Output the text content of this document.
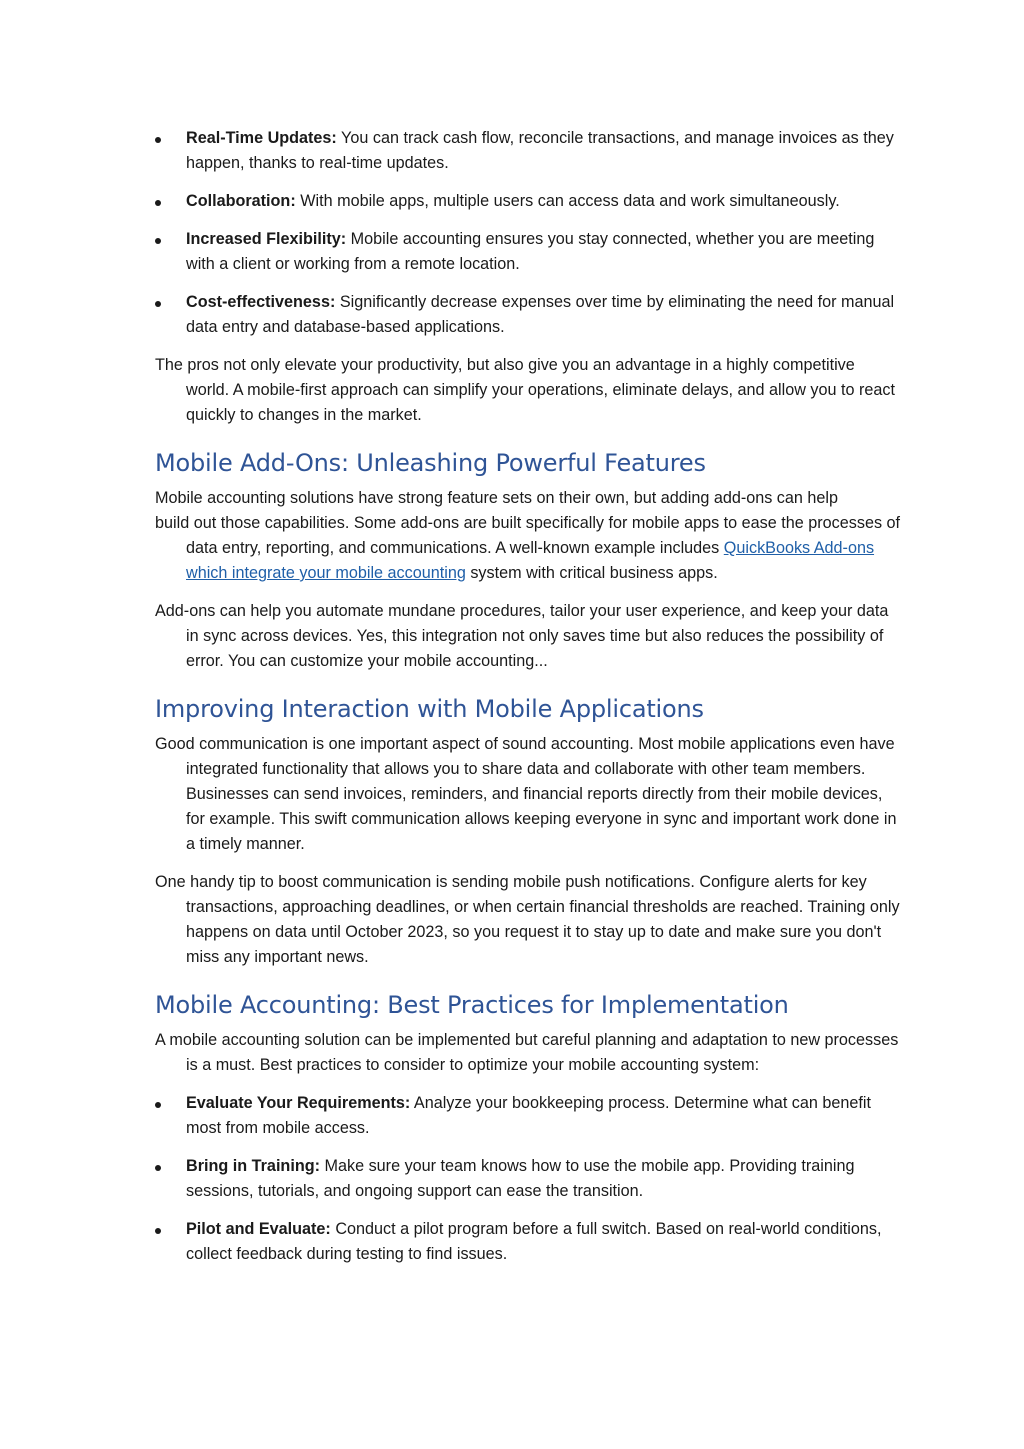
Real-Time Updates: You can track cash flow, reconcile transactions, and manage invoices as they happen, thanks to real-time updates.
Collaboration: With mobile apps, multiple users can access data and work simultaneously.
Increased Flexibility: Mobile accounting ensures you stay connected, whether you are meeting with a client or working from a remote location.
Cost-effectiveness: Significantly decrease expenses over time by eliminating the need for manual data entry and database-based applications.

The pros not only elevate your productivity, but also give you an advantage in a highly competitive world. A mobile-first approach can simplify your operations, eliminate delays, and allow you to react quickly to changes in the market.

Mobile Add-Ons: Unleashing Powerful Features

Mobile accounting solutions have strong feature sets on their own, but adding add-ons can help
build out those capabilities. Some add-ons are built specifically for mobile apps to ease the processes of data entry, reporting, and communications. A well-known example includes QuickBooks Add-ons which integrate your mobile accounting system with critical business apps.

Add-ons can help you automate mundane procedures, tailor your user experience, and keep your data in sync across devices. Yes, this integration not only saves time but also reduces the possibility of error. You can customize your mobile accounting...

Improving Interaction with Mobile Applications

Good communication is one important aspect of sound accounting. Most mobile applications even have integrated functionality that allows you to share data and collaborate with other team members. Businesses can send invoices, reminders, and financial reports directly from their mobile devices, for example. This swift communication allows keeping everyone in sync and important work done in a timely manner.

One handy tip to boost communication is sending mobile push notifications. Configure alerts for key transactions, approaching deadlines, or when certain financial thresholds are reached. Training only happens on data until October 2023, so you request it to stay up to date and make sure you don't miss any important news.

Mobile Accounting: Best Practices for Implementation

A mobile accounting solution can be implemented but careful planning and adaptation to new processes is a must. Best practices to consider to optimize your mobile accounting system:

Evaluate Your Requirements: Analyze your bookkeeping process. Determine what can benefit most from mobile access.
Bring in Training: Make sure your team knows how to use the mobile app. Providing training sessions, tutorials, and ongoing support can ease the transition.
Pilot and Evaluate: Conduct a pilot program before a full switch. Based on real-world conditions, collect feedback during testing to find issues.
